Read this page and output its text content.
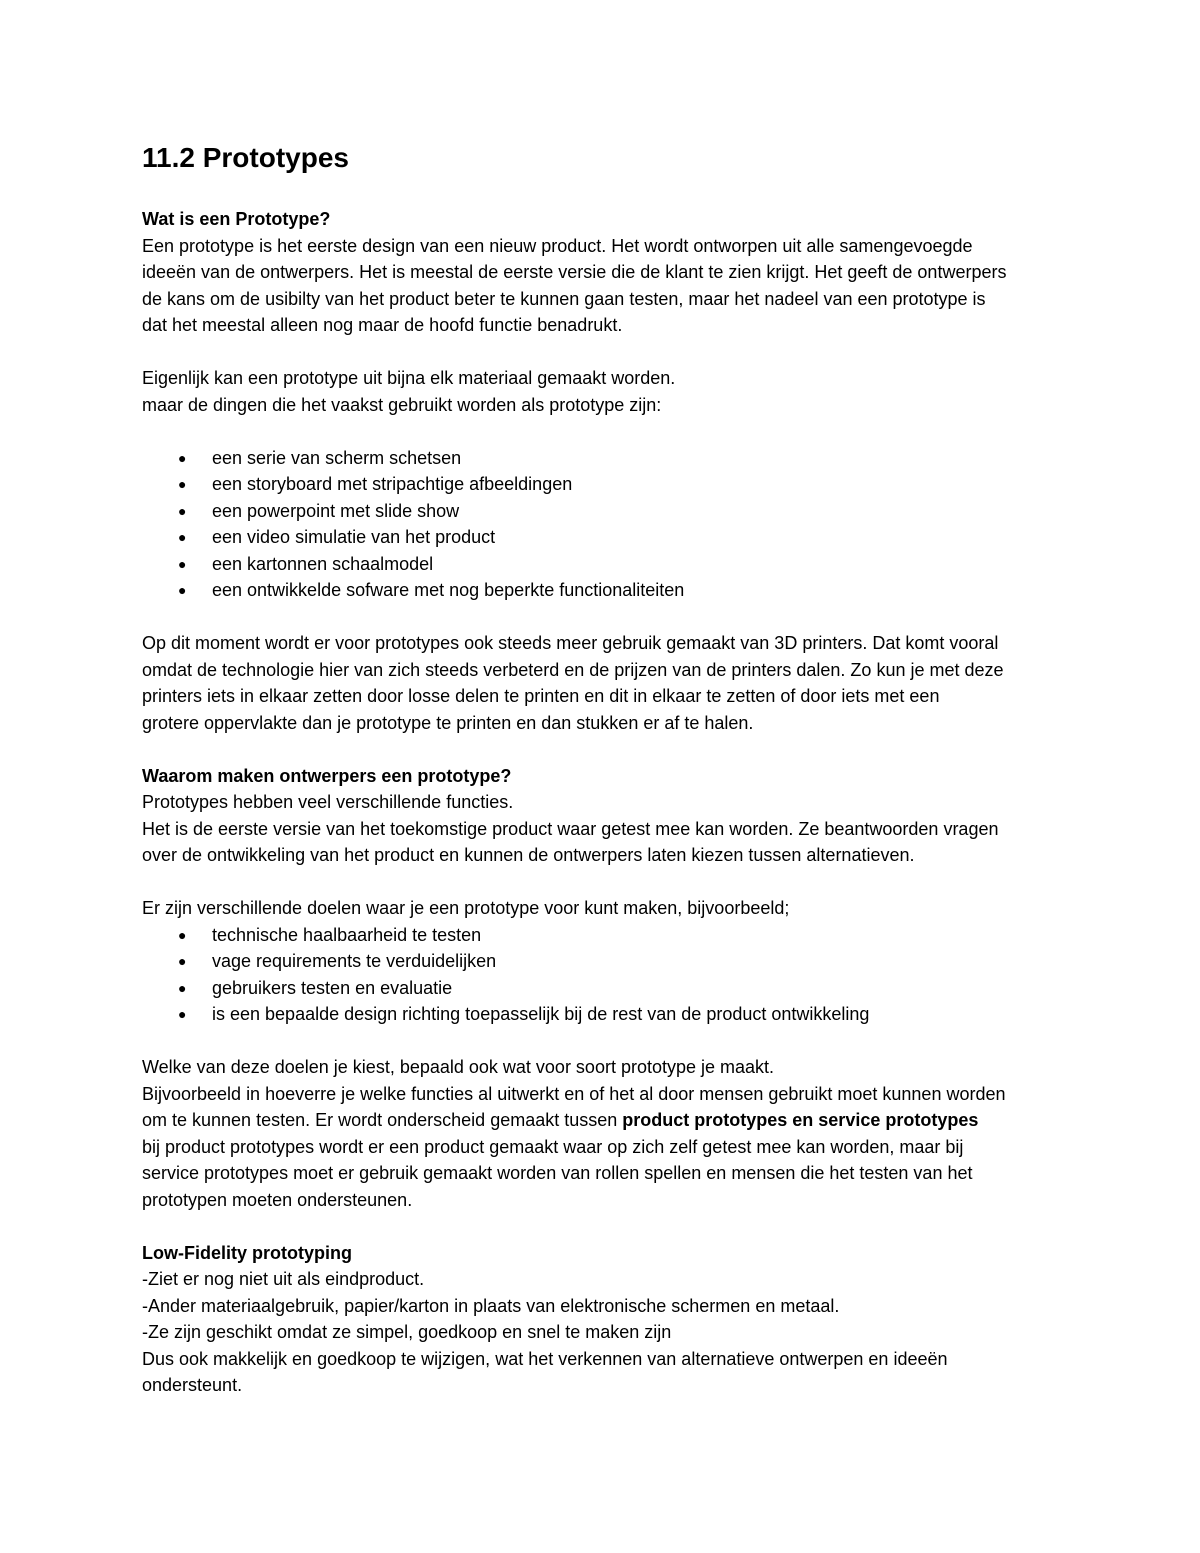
11.2 Prototypes

Wat is een Prototype?

Een prototype is het eerste design van een nieuw product. Het wordt ontworpen uit alle samengevoegde

ideeën van de ontwerpers. Het is meestal de eerste versie die de klant te zien krijgt. Het geeft de ontwerpers

de kans om de usibilty van het product beter te kunnen gaan testen, maar het nadeel van een prototype is

dat het meestal alleen nog maar de hoofd functie benadrukt.

Eigenlijk kan een prototype uit bijna elk materiaal gemaakt worden.

maar de dingen die het vaakst gebruikt worden als prototype zijn:

● een serie van scherm schetsen
● een storyboard met stripachtige afbeeldingen
● een powerpoint met slide show
● een video simulatie van het product
● een kartonnen schaalmodel
● een ontwikkelde sofware met nog beperkte functionaliteiten

Op dit moment wordt er voor prototypes ook steeds meer gebruik gemaakt van 3D printers. Dat komt vooral

omdat de technologie hier van zich steeds verbeterd en de prijzen van de printers dalen. Zo kun je met deze

printers iets in elkaar zetten door losse delen te printen en dit in elkaar te zetten of door iets met een

grotere oppervlakte dan je prototype te printen en dan stukken er af te halen.

Waarom maken ontwerpers een prototype?

Prototypes hebben veel verschillende functies.

Het is de eerste versie van het toekomstige product waar getest mee kan worden. Ze beantwoorden vragen

over de ontwikkeling van het product en kunnen de ontwerpers laten kiezen tussen alternatieven.

Er zijn verschillende doelen waar je een prototype voor kunt maken, bijvoorbeeld;

● technische haalbaarheid te testen
● vage requirements te verduidelijken
● gebruikers testen en evaluatie
● is een bepaalde design richting toepasselijk bij de rest van de product ontwikkeling

Welke van deze doelen je kiest, bepaald ook wat voor soort prototype je maakt.

Bijvoorbeeld in hoeverre je welke functies al uitwerkt en of het al door mensen gebruikt moet kunnen worden

om te kunnen testen. Er wordt onderscheid gemaakt tussen product prototypes en service prototypes

bij product prototypes wordt er een product gemaakt waar op zich zelf getest mee kan worden, maar bij

service prototypes moet er gebruik gemaakt worden van rollen spellen en mensen die het testen van het

prototypen moeten ondersteunen.

Low-Fidelity prototyping

-Ziet er nog niet uit als eindproduct.

-Ander materiaalgebruik, papier/karton in plaats van elektronische schermen en metaal.

-Ze zijn geschikt omdat ze simpel, goedkoop en snel te maken zijn

Dus ook makkelijk en goedkoop te wijzigen, wat het verkennen van alternatieve ontwerpen en ideeën

ondersteunt.
